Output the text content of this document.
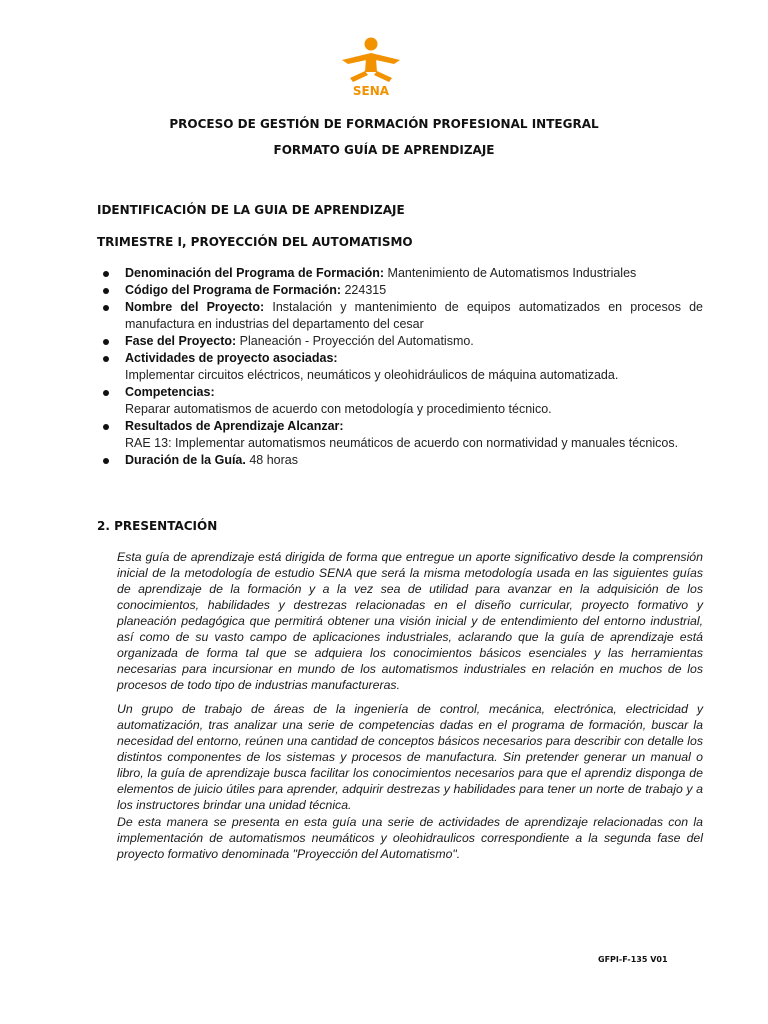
SENA
PROCESO DE GESTIÓN DE FORMACIÓN PROFESIONAL INTEGRAL
FORMATO GUÍA DE APRENDIZAJE
IDENTIFICACIÓN DE LA GUIA DE APRENDIZAJE
TRIMESTRE I, PROYECCIÓN DEL AUTOMATISMO
Denominación del Programa de Formación: Mantenimiento de Automatismos Industriales
Código del Programa de Formación: 224315
Nombre del Proyecto: Instalación y mantenimiento de equipos automatizados en procesos de manufactura en industrias del departamento del cesar
Fase del Proyecto: Planeación - Proyección del Automatismo.
Actividades de proyecto asociadas:
Implementar circuitos eléctricos, neumáticos y oleohidráulicos de máquina automatizada.
Competencias:
Reparar automatismos de acuerdo con metodología y procedimiento técnico.
Resultados de Aprendizaje Alcanzar:
RAE 13: Implementar automatismos neumáticos de acuerdo con normatividad y manuales técnicos.
Duración de la Guía. 48 horas
2. PRESENTACIÓN

Esta guía de aprendizaje está dirigida de forma que entregue un aporte significativo desde la comprensión inicial de la metodología de estudio SENA que será la misma metodología usada en las siguientes guías de aprendizaje de la formación y a la vez sea de utilidad para avanzar en la adquisición de los conocimientos, habilidades y destrezas relacionadas en el diseño curricular, proyecto formativo y planeación pedagógica que permitirá obtener una visión inicial y de entendimiento del entorno industrial, así como de su vasto campo de aplicaciones industriales, aclarando que la guía de aprendizaje está organizada de forma tal que se adquiera los conocimientos básicos esenciales y las herramientas necesarias para incursionar en mundo de los automatismos industriales en relación en muchos de los procesos de todo tipo de industrias manufactureras.

Un grupo de trabajo de áreas de la ingeniería de control, mecánica, electrónica, electricidad y automatización, tras analizar una serie de competencias dadas en el programa de formación, buscar la necesidad del entorno, reúnen una cantidad de conceptos básicos necesarios para describir con detalle los distintos componentes de los sistemas y procesos de manufactura. Sin pretender generar un manual o libro, la guía de aprendizaje busca facilitar los conocimientos necesarios para que el aprendiz disponga de elementos de juicio útiles para aprender, adquirir destrezas y habilidades para tener un norte de trabajo y a los instructores brindar una unidad técnica.

De esta manera se presenta en esta guía una serie de actividades de aprendizaje relacionadas con la implementación de automatismos neumáticos y oleohidraulicos correspondiente a la segunda fase del proyecto formativo denominada "Proyección del Automatismo".

GFPI-F-135 V01
